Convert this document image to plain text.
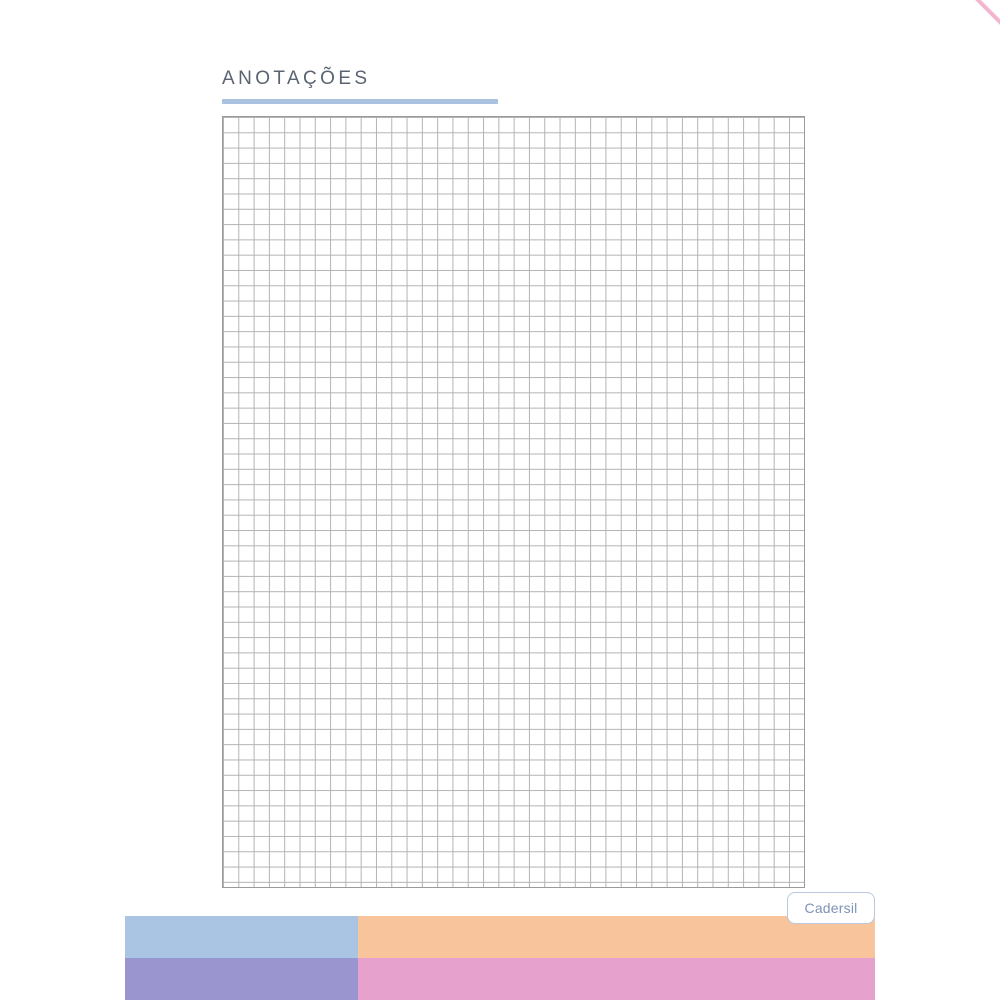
ANOTAÇÕES
Cadersil
